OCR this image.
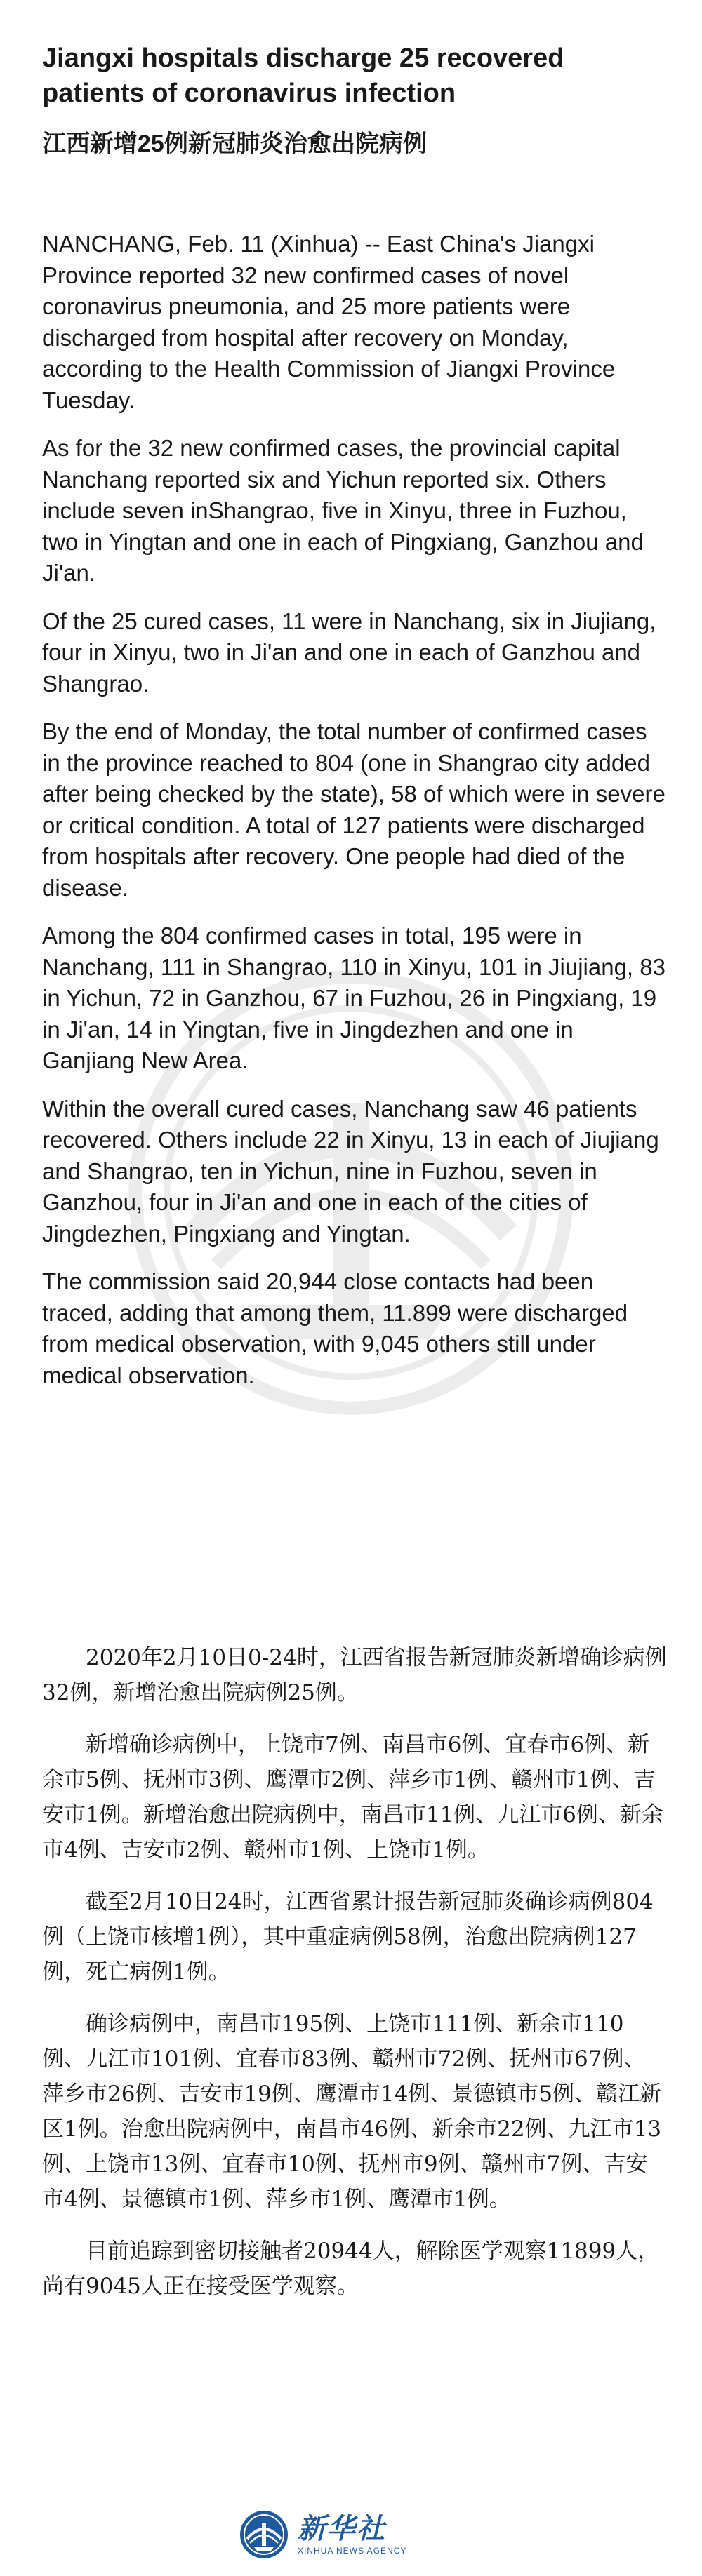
Jiangxi hospitals discharge 25 recovered patients of coronavirus infection
江西新增25例新冠肺炎治愈出院病例

NANCHANG, Feb. 11 (Xinhua) -- East China's Jiangxi Province reported 32 new confirmed cases of novel coronavirus pneumonia, and 25 more patients were discharged from hospital after recovery on Monday, according to the Health Commission of Jiangxi Province Tuesday.

As for the 32 new confirmed cases, the provincial capital Nanchang reported six and Yichun reported six. Others include seven inShangrao, five in Xinyu, three in Fuzhou, two in Yingtan and one in each of Pingxiang, Ganzhou and Ji'an.

Of the 25 cured cases, 11 were in Nanchang, six in Jiujiang, four in Xinyu, two in Ji'an and one in each of Ganzhou and Shangrao.

By the end of Monday, the total number of confirmed cases in the province reached to 804 (one in Shangrao city added after being checked by the state), 58 of which were in severe or critical condition. A total of 127 patients were discharged from hospitals after recovery. One people had died of the disease.

Among the 804 confirmed cases in total, 195 were in Nanchang, 111 in Shangrao, 110 in Xinyu, 101 in Jiujiang, 83 in Yichun, 72 in Ganzhou, 67 in Fuzhou, 26 in Pingxiang, 19 in Ji'an, 14 in Yingtan, five in Jingdezhen and one in Ganjiang New Area.

Within the overall cured cases, Nanchang saw 46 patients recovered. Others include 22 in Xinyu, 13 in each of Jiujiang and Shangrao, ten in Yichun, nine in Fuzhou, seven in Ganzhou, four in Ji'an and one in each of the cities of Jingdezhen, Pingxiang and Yingtan.

The commission said 20,944 close contacts had been traced, adding that among them, 11.899 were discharged from medical observation, with 9,045 others still under medical observation.

2020年2月10日0-24时，江西省报告新冠肺炎新增确诊病例32例，新增治愈出院病例25例。

新增确诊病例中，上饶市7例、南昌市6例、宜春市6例、新余市5例、抚州市3例、鹰潭市2例、萍乡市1例、赣州市1例、吉安市1例。新增治愈出院病例中，南昌市11例、九江市6例、新余市4例、吉安市2例、赣州市1例、上饶市1例。

截至2月10日24时，江西省累计报告新冠肺炎确诊病例804例（上饶市核增1例），其中重症病例58例，治愈出院病例127例，死亡病例1例。

确诊病例中，南昌市195例、上饶市111例、新余市110例、九江市101例、宜春市83例、赣州市72例、抚州市67例、萍乡市26例、吉安市19例、鹰潭市14例、景德镇市5例、赣江新区1例。治愈出院病例中，南昌市46例、新余市22例、九江市13例、上饶市13例、宜春市10例、抚州市9例、赣州市7例、吉安市4例、景德镇市1例、萍乡市1例、鹰潭市1例。

目前追踪到密切接触者20944人，解除医学观察11899人，尚有9045人正在接受医学观察。

新华社
XINHUA NEWS AGENCY
